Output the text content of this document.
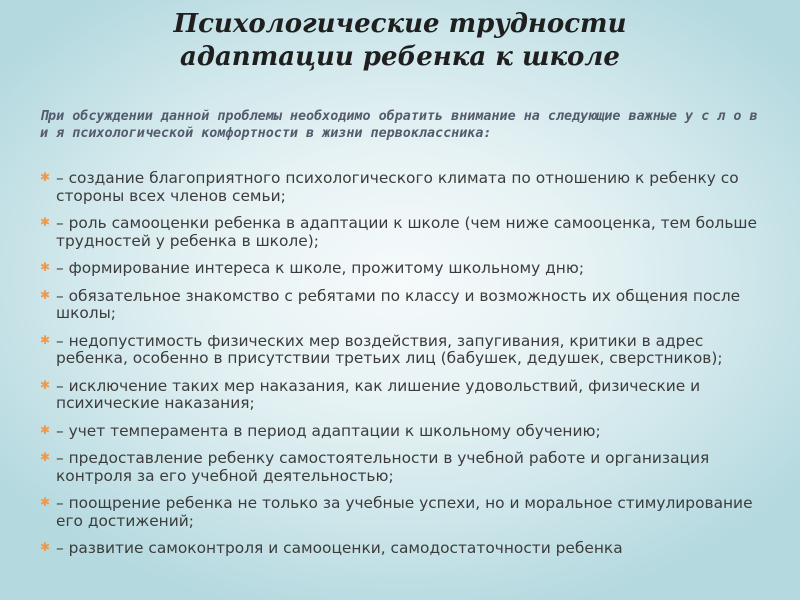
Психологические трудности
адаптации ребенка к школе
При обсуждении данной проблемы необходимо обратить внимание на следующие важные у с л о в и я психологической комфортности в жизни первоклассника:
✱ – создание благоприятного психологического климата по отношению к ребенку со стороны всех членов семьи;
✱ – роль самооценки ребенка в адаптации к школе (чем ниже самооценка, тем больше трудностей у ребенка в школе);
✱ – формирование интереса к школе, прожитому школьному дню;
✱ – обязательное знакомство с ребятами по классу и возможность их общения после школы;
✱ – недопустимость физических мер воздействия, запугивания, критики в адрес ребенка, особенно в присутствии третьих лиц (бабушек, дедушек, сверстников);
✱ – исключение таких мер наказания, как лишение удовольствий, физические и психические наказания;
✱ – учет темперамента в период адаптации к школьному обучению;
✱ – предоставление ребенку самостоятельности в учебной работе и организация контроля за его учебной деятельностью;
✱ – поощрение ребенка не только за учебные успехи, но и моральное стимулирование его достижений;
✱ – развитие самоконтроля и самооценки, самодостаточности ребенка
